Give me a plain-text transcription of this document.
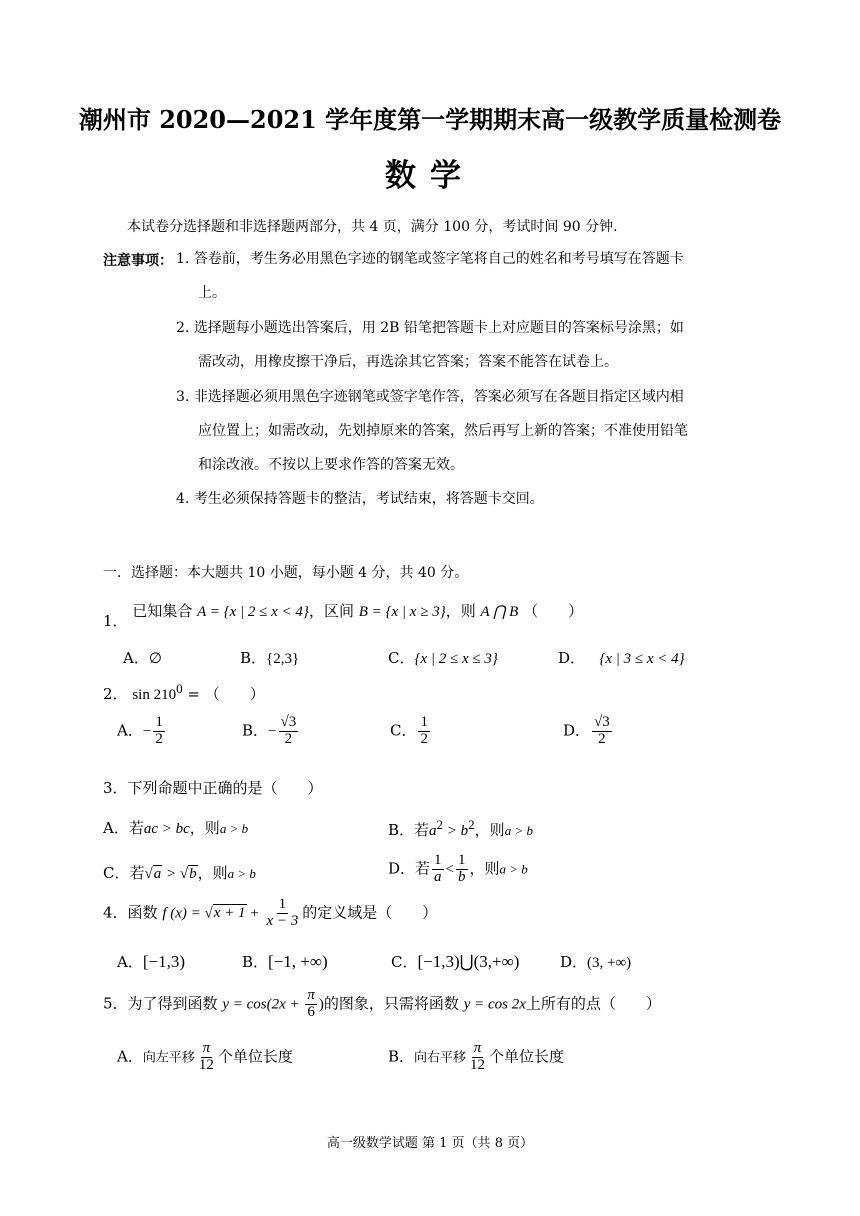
潮州市 2020—2021 学年度第一学期期末高一级教学质量检测卷
数学
本试卷分选择题和非选择题两部分，共 4 页，满分 100 分，考试时间 90 分钟.
注意事项： 1. 答卷前，考生务必用黑色字迹的钢笔或签字笔将自己的姓名和考号填写在答题卡
上。
2. 选择题每小题选出答案后，用 2B 铅笔把答题卡上对应题目的答案标号涂黑；如
需改动，用橡皮擦干净后，再选涂其它答案；答案不能答在试卷上。
3. 非选择题必须用黑色字迹钢笔或签字笔作答，答案必须写在各题目指定区域内相
应位置上；如需改动，先划掉原来的答案，然后再写上新的答案；不准使用铅笔
和涂改液。不按以上要求作答的答案无效。
4. 考生必须保持答题卡的整洁，考试结束，将答题卡交回。
一．选择题：本大题共 10 小题，每小题 4 分，共 40 分。
1． 已知集合 A = {x | 2 ≤ x < 4}，区间 B = {x | x ≥ 3}，则 A ⋂ B （　　）
A．∅	B．{2,3}	C．{x | 2 ≤ x ≤ 3}	D． {x | 3 ≤ x < 4}
2． $\sin 210^0$ = （　　）
A．− $\frac{1}{2}$	B．− $\frac{√3}{2}$	C． $\frac{1}{2}$	D． $\frac{√3}{2}$
3．下列命题中正确的是（　　）
A．若ac > bc，则a > b	B．若$a^2 > b^2$，则a > b
C．若√a > √b，则a > b	D．若 $\frac{1}{a} < \frac{1}{b}$ ，则a > b
4．函数 f $(x) = √x + 1 + \frac{1}{x - 3}$ 的定义域是（　　）
A．[−1,3)	B．[−1, +∞)	C．[−1,3)⋃(3,+∞)	D．(3, +∞)
5．为了得到函数 $y = \cos(2x + \frac{\pi}{6}$ )的图象，只需将函数 y = cos 2x上所有的点（　　）
A．向左平移 $\frac{\pi}{12}$ 个单位长度	B．向右平移 $\frac{\pi}{12}$ 个单位长度
高一级数学试题 第 1 页（共 8 页）
